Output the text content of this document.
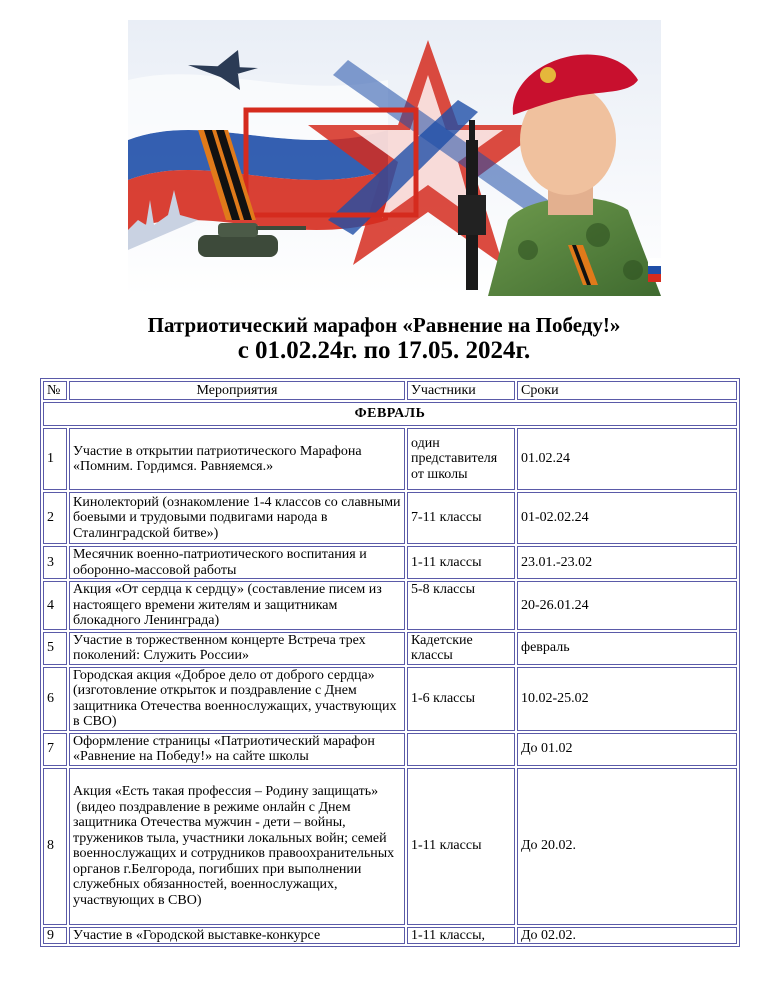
Патриотический марафон «Равнение на Победу!»
с 01.02.24г. по 17.05. 2024г.
№	Мероприятия	Участники	Сроки
ФЕВРАЛЬ			
1	Участие в открытии патриотического Марафона «Помним. Гордимся. Равняемся.»	один представителя от школы	01.02.24
2	Кинолекторий (ознакомление 1-4 классов со славными боевыми и трудовыми подвигами народа в Сталинградской битве»)	7-11 классы	01-02.02.24
3	Месячник военно-патриотического воспитания и оборонно-массовой работы	1-11 классы	23.01.-23.02
4	Акция «От сердца к сердцу» (составление писем из настоящего времени жителям и защитникам блокадного Ленинграда)	5-8 классы	20-26.01.24
5	Участие в торжественном концерте Встреча трех поколений: Служить России»	Кадетские классы	февраль
6	Городская акция «Доброе дело от доброго сердца» (изготовление открыток и поздравление с Днем защитника Отечества военнослужащих, участвующих в СВО)	1-6 классы	10.02-25.02
7	Оформление страницы «Патриотический марафон «Равнение на Победу!» на сайте школы		До 01.02
8	Акция «Есть такая профессия – Родину защищать»
(видео поздравление в режиме онлайн с Днем защитника Отечества мужчин - дети – войны, тружеников тыла, участники локальных войн; семей военнослужащих и сотрудников правоохранительных органов г.Белгорода, погибших при выполнении служебных обязанностей, военнослужащих, участвующих в СВО)	1-11 классы	До 20.02.
9	Участие в «Городской выставке-конкурсе	1-11 классы,	До 02.02.
